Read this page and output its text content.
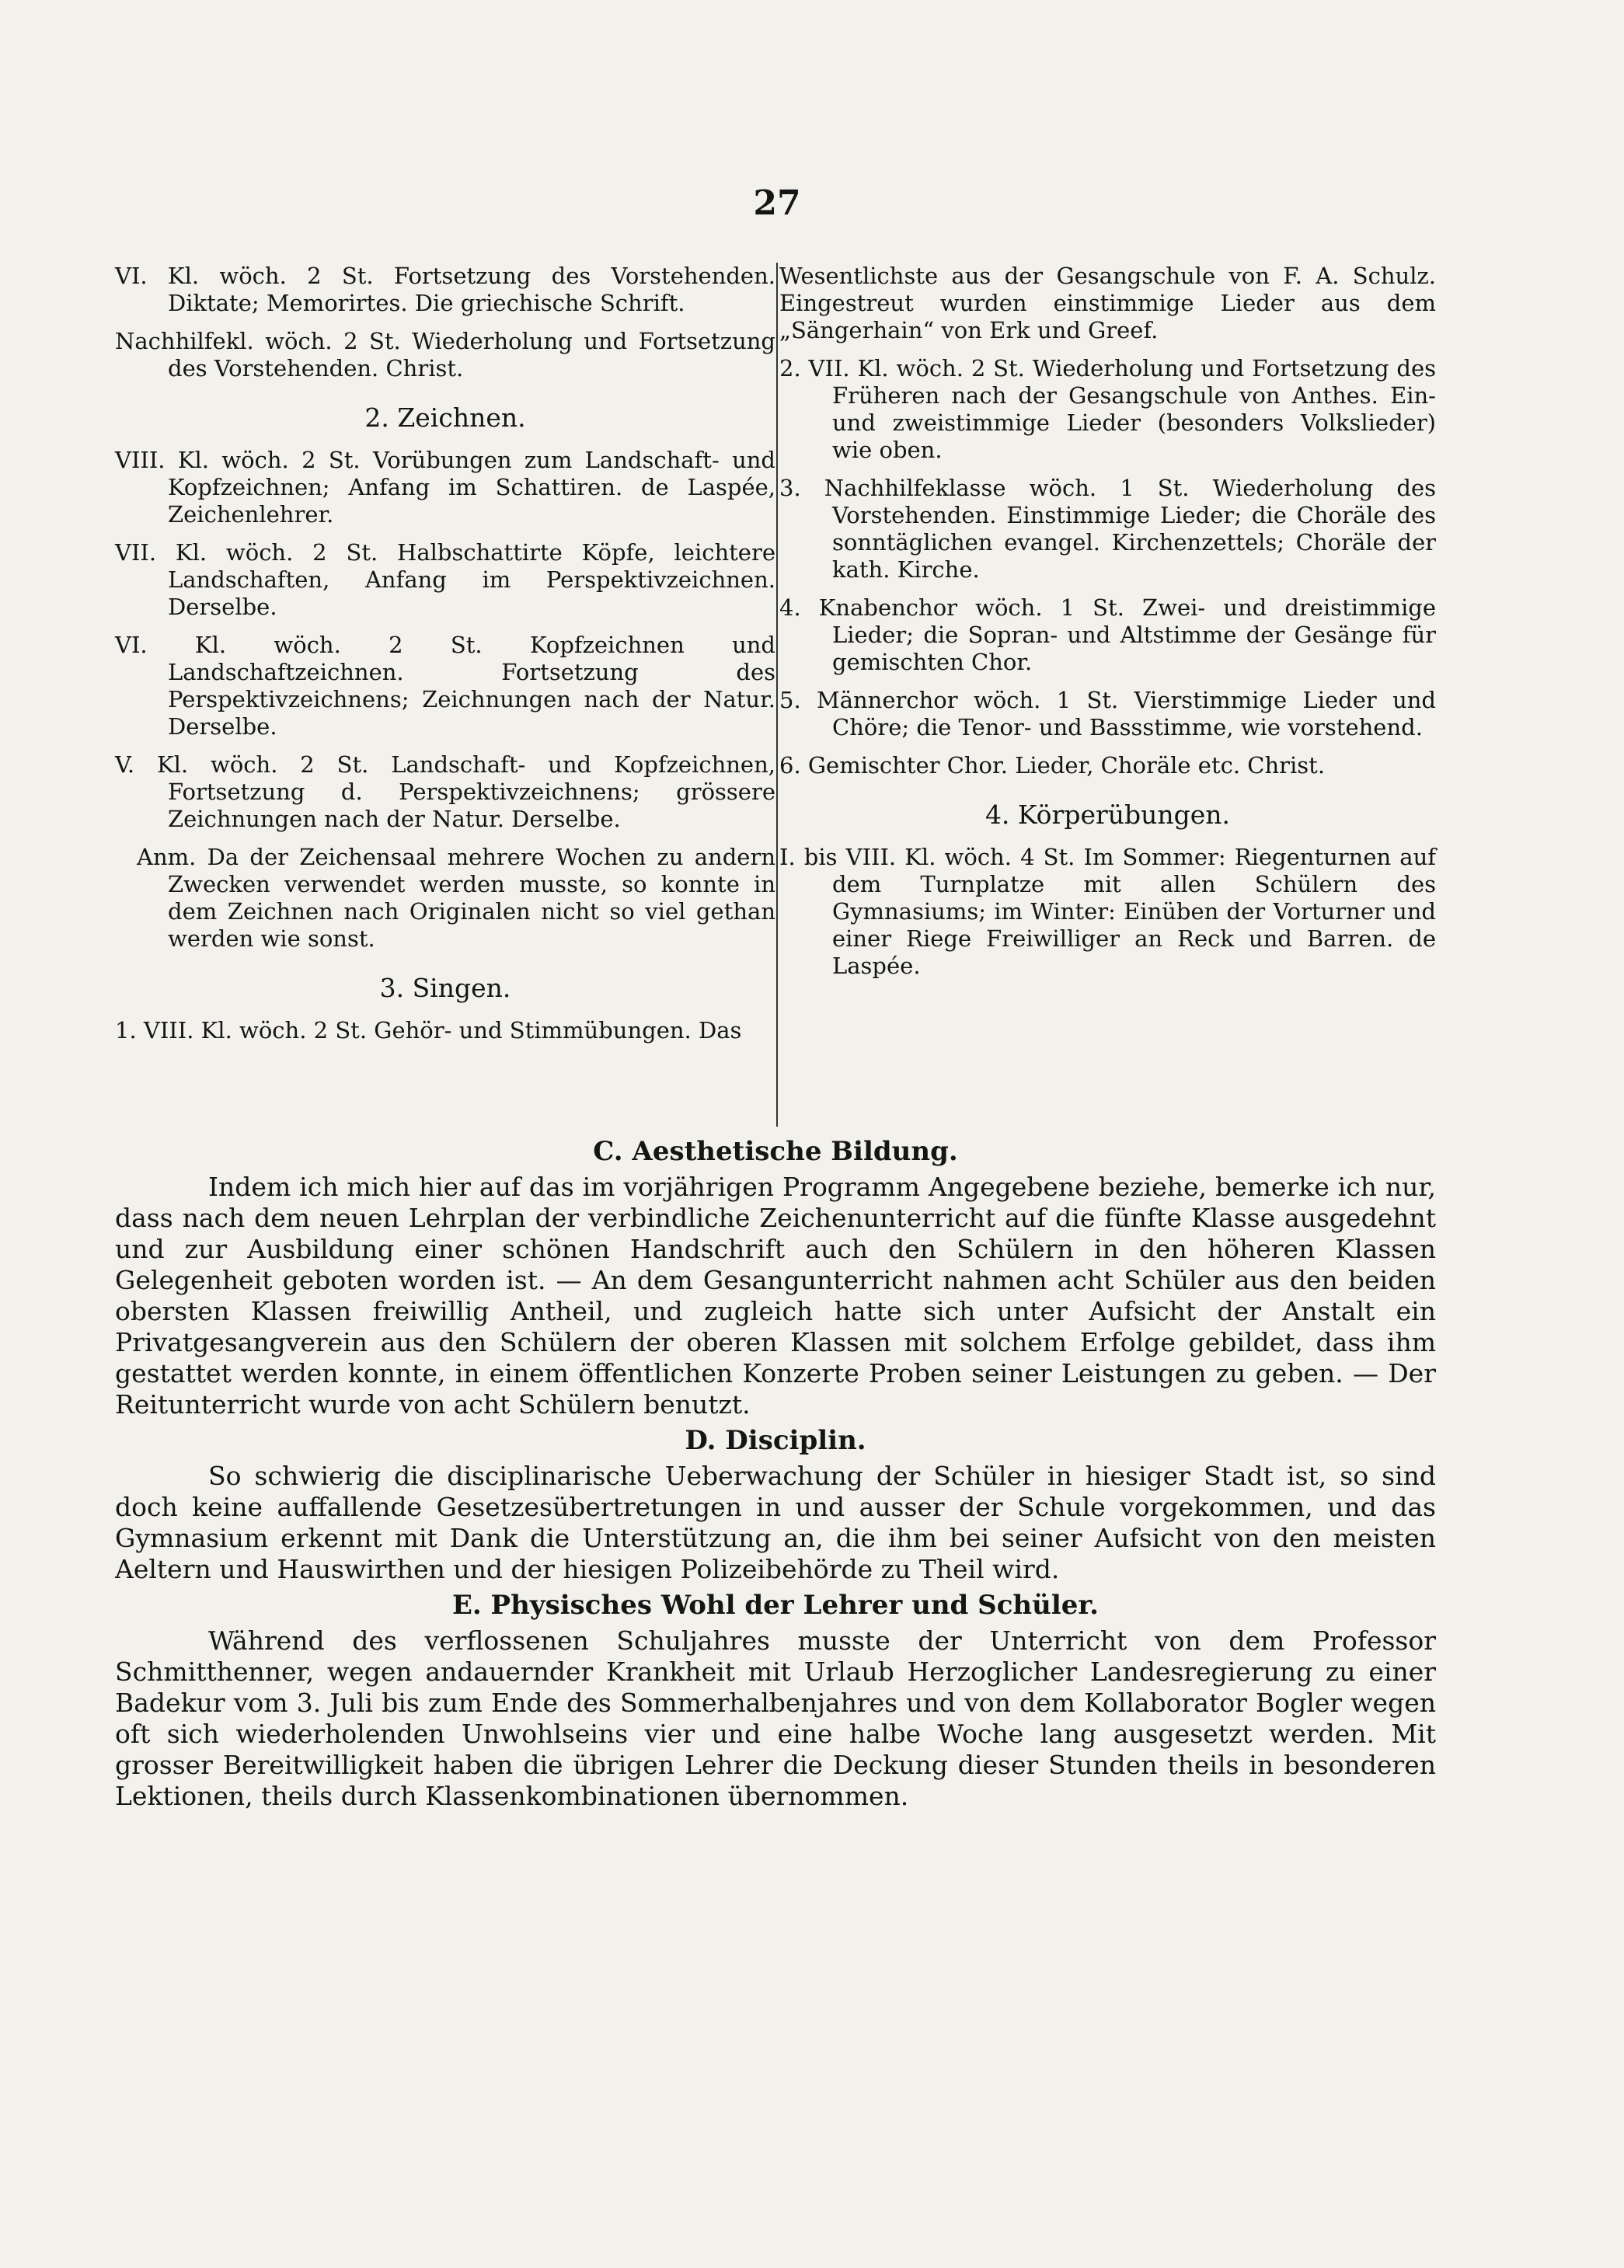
27

VI. Kl. wöch. 2 St. Fortsetzung des Vorstehenden. Diktate; Memorirtes. Die griechische Schrift.

Nachhilfekl. wöch. 2 St. Wiederholung und Fortsetzung des Vorstehenden. Christ.

2. Zeichnen.

VIII. Kl. wöch. 2 St. Vorübungen zum Landschaft- und Kopfzeichnen; Anfang im Schattiren. de Laspée, Zeichenlehrer.

VII. Kl. wöch. 2 St. Halbschattirte Köpfe, leichtere Landschaften, Anfang im Perspektivzeichnen. Derselbe.

VI. Kl. wöch. 2 St. Kopfzeichnen und Landschaftzeichnen. Fortsetzung des Perspektivzeichnens; Zeichnungen nach der Natur. Derselbe.

V. Kl. wöch. 2 St. Landschaft- und Kopfzeichnen, Fortsetzung d. Perspektivzeichnens; grössere Zeichnungen nach der Natur. Derselbe.

Anm. Da der Zeichensaal mehrere Wochen zu andern Zwecken verwendet werden musste, so konnte in dem Zeichnen nach Originalen nicht so viel gethan werden wie sonst.

3. Singen.

1. VIII. Kl. wöch. 2 St. Gehör- und Stimmübungen. Das

Wesentlichste aus der Gesangschule von F. A. Schulz. Eingestreut wurden einstimmige Lieder aus dem „Sängerhain“ von Erk und Greef.

2. VII. Kl. wöch. 2 St. Wiederholung und Fortsetzung des Früheren nach der Gesangschule von Anthes. Ein- und zweistimmige Lieder (besonders Volkslieder) wie oben.

3. Nachhilfeklasse wöch. 1 St. Wiederholung des Vorstehenden. Einstimmige Lieder; die Choräle des sonntäglichen evangel. Kirchenzettels; Choräle der kath. Kirche.

4. Knabenchor wöch. 1 St. Zwei- und dreistimmige Lieder; die Sopran- und Altstimme der Gesänge für gemischten Chor.

5. Männerchor wöch. 1 St. Vierstimmige Lieder und Chöre; die Tenor- und Bassstimme, wie vorstehend.

6. Gemischter Chor. Lieder, Choräle etc. Christ.

4. Körperübungen.

I. bis VIII. Kl. wöch. 4 St. Im Sommer: Riegenturnen auf dem Turnplatze mit allen Schülern des Gymnasiums; im Winter: Einüben der Vorturner und einer Riege Freiwilliger an Reck und Barren. de Laspée.

C. Aesthetische Bildung.

Indem ich mich hier auf das im vorjährigen Programm Angegebene beziehe, bemerke ich nur, dass nach dem neuen Lehrplan der verbindliche Zeichenunterricht auf die fünfte Klasse ausgedehnt und zur Ausbildung einer schönen Handschrift auch den Schülern in den höheren Klassen Gelegenheit geboten worden ist. — An dem Gesangunterricht nahmen acht Schüler aus den beiden obersten Klassen freiwillig Antheil, und zugleich hatte sich unter Aufsicht der Anstalt ein Privatgesangverein aus den Schülern der oberen Klassen mit solchem Erfolge gebildet, dass ihm gestattet werden konnte, in einem öffentlichen Konzerte Proben seiner Leistungen zu geben. — Der Reitunterricht wurde von acht Schülern benutzt.

D. Disciplin.

So schwierig die disciplinarische Ueberwachung der Schüler in hiesiger Stadt ist, so sind doch keine auffallende Gesetzesübertretungen in und ausser der Schule vorgekommen, und das Gymnasium erkennt mit Dank die Unterstützung an, die ihm bei seiner Aufsicht von den meisten Aeltern und Hauswirthen und der hiesigen Polizeibehörde zu Theil wird.

E. Physisches Wohl der Lehrer und Schüler.

Während des verflossenen Schuljahres musste der Unterricht von dem Professor Schmitthenner, wegen andauernder Krankheit mit Urlaub Herzoglicher Landesregierung zu einer Badekur vom 3. Juli bis zum Ende des Sommerhalbenjahres und von dem Kollaborator Bogler wegen oft sich wiederholenden Unwohlseins vier und eine halbe Woche lang ausgesetzt werden. Mit grosser Bereitwilligkeit haben die übrigen Lehrer die Deckung dieser Stunden theils in besonderen Lektionen, theils durch Klassenkombinationen übernommen.
